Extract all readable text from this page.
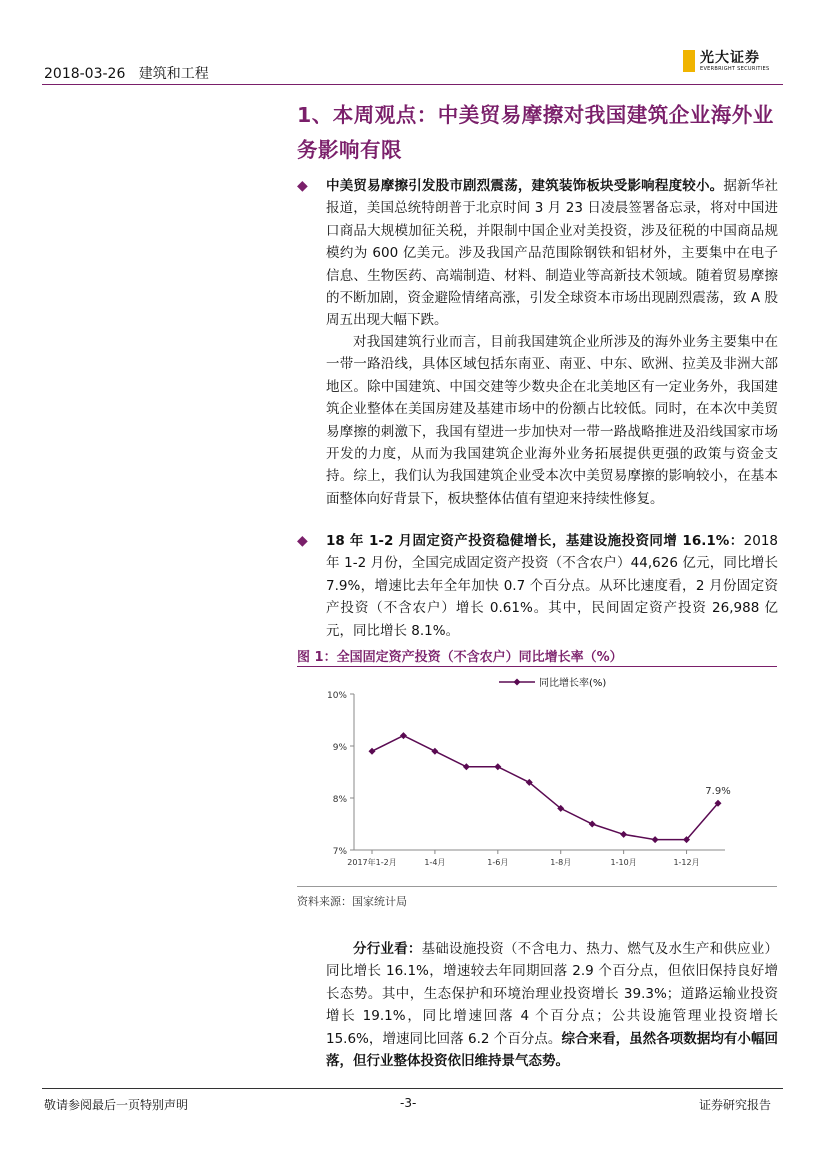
2018-03-26 建筑和工程
光大证券
EVERBRIGHT SECURITIES
1、本周观点：中美贸易摩擦对我国建筑企业海外业务影响有限
◆ 中美贸易摩擦引发股市剧烈震荡，建筑装饰板块受影响程度较小。据新华社报道，美国总统特朗普于北京时间 3 月 23 日凌晨签署备忘录，将对中国进口商品大规模加征关税，并限制中国企业对美投资，涉及征税的中国商品规模约为 600 亿美元。涉及我国产品范围除钢铁和铝材外，主要集中在电子信息、生物医药、高端制造、材料、制造业等高新技术领域。随着贸易摩擦的不断加剧，资金避险情绪高涨，引发全球资本市场出现剧烈震荡，致 A 股周五出现大幅下跌。

对我国建筑行业而言，目前我国建筑企业所涉及的海外业务主要集中在一带一路沿线，具体区域包括东南亚、南亚、中东、欧洲、拉美及非洲大部地区。除中国建筑、中国交建等少数央企在北美地区有一定业务外，我国建筑企业整体在美国房建及基建市场中的份额占比较低。同时，在本次中美贸易摩擦的刺激下，我国有望进一步加快对一带一路战略推进及沿线国家市场开发的力度，从而为我国建筑企业海外业务拓展提供更强的政策与资金支持。综上，我们认为我国建筑企业受本次中美贸易摩擦的影响较小，在基本面整体向好背景下，板块整体估值有望迎来持续性修复。

◆ 18 年 1-2 月固定资产投资稳健增长，基建设施投资同增 16.1%：2018 年 1-2 月份，全国完成固定资产投资（不含农户）44,626 亿元，同比增长 7.9%，增速比去年全年加快 0.7 个百分点。从环比速度看，2 月份固定资产投资（不含农户）增长 0.61%。其中，民间固定资产投资 26,988 亿元，同比增长 8.1%。

图 1：全国固定资产投资（不含农户）同比增长率（%）
同比增长率(%)
10%
9%
8%
7%
2017年1-2月	1-4月	1-6月	1-8月	1-10月	1-12月
7.9%
资料来源：国家统计局

分行业看：基础设施投资（不含电力、热力、燃气及水生产和供应业）同比增长 16.1%，增速较去年同期回落 2.9 个百分点，但依旧保持良好增长态势。其中，生态保护和环境治理业投资增长 39.3%；道路运输业投资增长 19.1%，同比增速回落 4 个百分点；公共设施管理业投资增长 15.6%，增速同比回落 6.2 个百分点。综合来看，虽然各项数据均有小幅回落，但行业整体投资依旧维持景气态势。

敬请参阅最后一页特别声明	-3-	证券研究报告
